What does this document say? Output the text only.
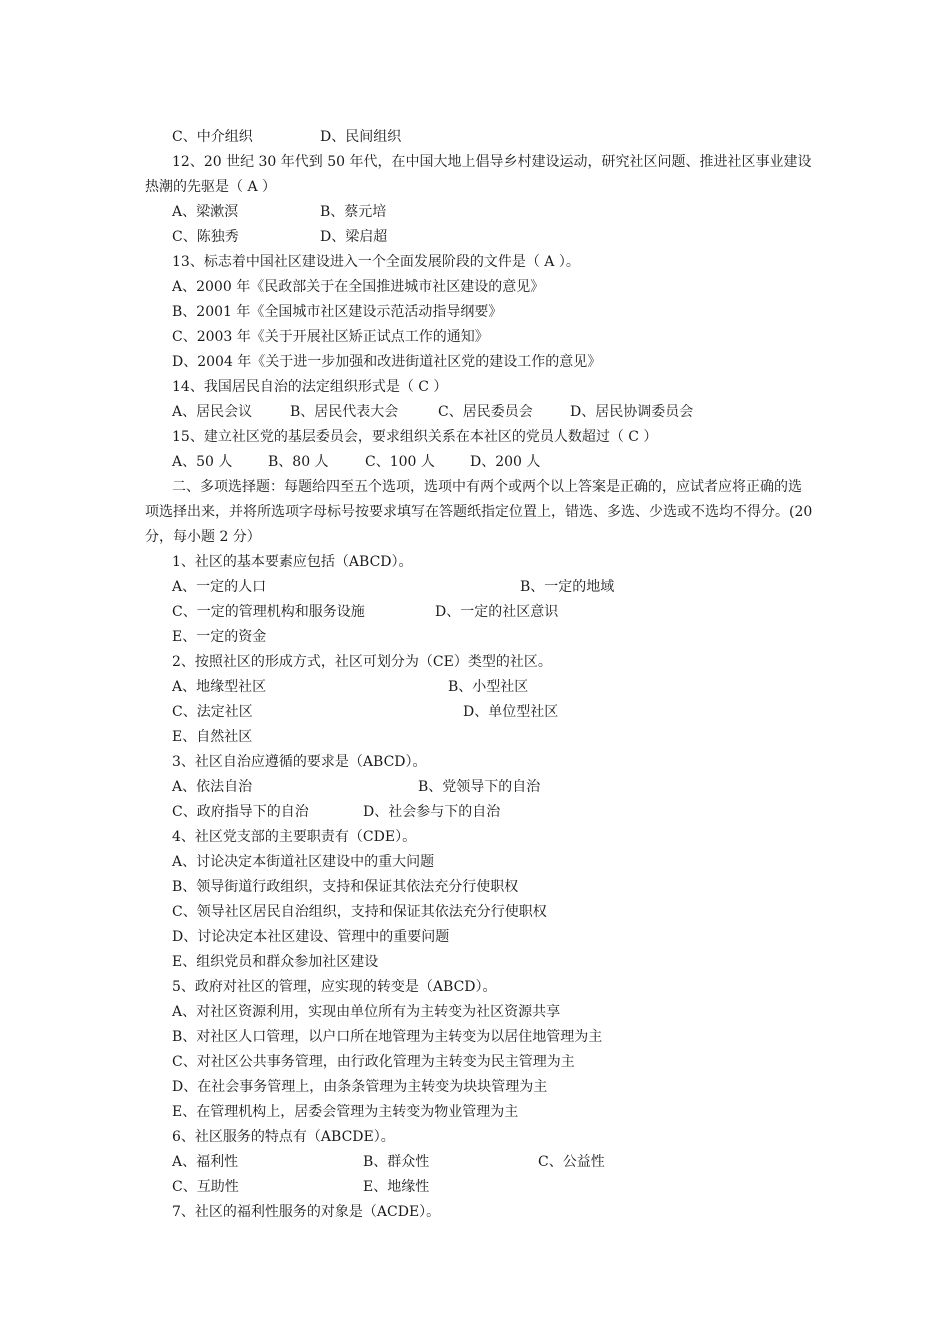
C、中介组织	D、民间组织
12、20 世纪 30 年代到 50 年代，在中国大地上倡导乡村建设运动，研究社区问题、推进社区事业建设
热潮的先驱是（ A ）
A、梁漱溟	B、蔡元培
C、陈独秀	D、梁启超
13、标志着中国社区建设进入一个全面发展阶段的文件是（ A ）。
A、2000 年《民政部关于在全国推进城市社区建设的意见》
B、2001 年《全国城市社区建设示范活动指导纲要》
C、2003 年《关于开展社区矫正试点工作的通知》
D、2004 年《关于进一步加强和改进街道社区党的建设工作的意见》
14、我国居民自治的法定组织形式是（ C ）
A、居民会议	B、居民代表大会	C、居民委员会	D、居民协调委员会
15、建立社区党的基层委员会，要求组织关系在本社区的党员人数超过（ C ）
A、50 人	B、80 人	C、100 人	D、200 人
二、多项选择题：每题给四至五个选项，选项中有两个或两个以上答案是正确的，应试者应将正确的选
项选择出来，并将所选项字母标号按要求填写在答题纸指定位置上，错选、多选、少选或不选均不得分。(20
分，每小题 2 分）
1、社区的基本要素应包括（ABCD）。
A、一定的人口	B、一定的地域
C、一定的管理机构和服务设施	D、一定的社区意识
E、一定的资金
2、按照社区的形成方式，社区可划分为（CE）类型的社区。
A、地缘型社区	B、小型社区
C、法定社区	D、单位型社区
E、自然社区
3、社区自治应遵循的要求是（ABCD）。
A、依法自治	B、党领导下的自治
C、政府指导下的自治	D、社会参与下的自治
4、社区党支部的主要职责有（CDE）。
A、讨论决定本街道社区建设中的重大问题
B、领导街道行政组织，支持和保证其依法充分行使职权
C、领导社区居民自治组织，支持和保证其依法充分行使职权
D、讨论决定本社区建设、管理中的重要问题
E、组织党员和群众参加社区建设
5、政府对社区的管理，应实现的转变是（ABCD）。
A、对社区资源利用，实现由单位所有为主转变为社区资源共享
B、对社区人口管理，以户口所在地管理为主转变为以居住地管理为主
C、对社区公共事务管理，由行政化管理为主转变为民主管理为主
D、在社会事务管理上，由条条管理为主转变为块块管理为主
E、在管理机构上，居委会管理为主转变为物业管理为主
6、社区服务的特点有（ABCDE）。
A、福利性	B、群众性	C、公益性
C、互助性	E、地缘性
7、社区的福利性服务的对象是（ACDE）。
